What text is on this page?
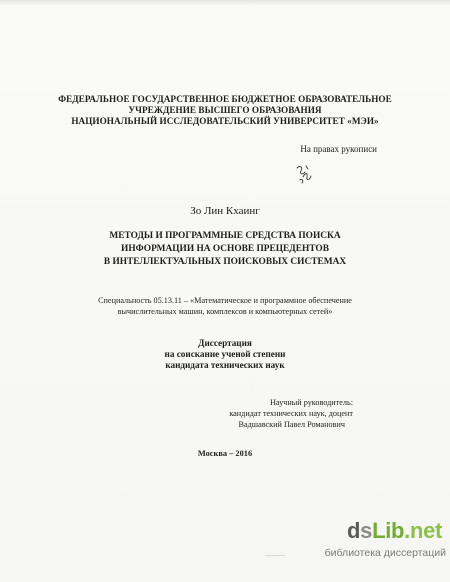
ФЕДЕРАЛЬНОЕ ГОСУДАРСТВЕННОЕ БЮДЖЕТНОЕ ОБРАЗОВАТЕЛЬНОЕ
УЧРЕЖДЕНИЕ ВЫСШЕГО ОБРАЗОВАНИЯ
НАЦИОНАЛЬНЫЙ ИССЛЕДОВАТЕЛЬСКИЙ УНИВЕРСИТЕТ «МЭИ»
На правах рукописи
Зо Лин Кхаинг
МЕТОДЫ И ПРОГРАММНЫЕ СРЕДСТВА ПОИСКА
ИНФОРМАЦИИ НА ОСНОВЕ ПРЕЦЕДЕНТОВ
В ИНТЕЛЛЕКТУАЛЬНЫХ ПОИСКОВЫХ СИСТЕМАХ
Специальность 05.13.11 – «Математическое и программное обеспечение
вычислительных машин, комплексов и компьютерных сетей»
Диссертация
на соискание ученой степени
кандидата технических наук
Научный руководитель:
кандидат технических наук, доцент
Вадшавский Павел Романович
Москва – 2016
dsLib.net
библиотека диссертаций
